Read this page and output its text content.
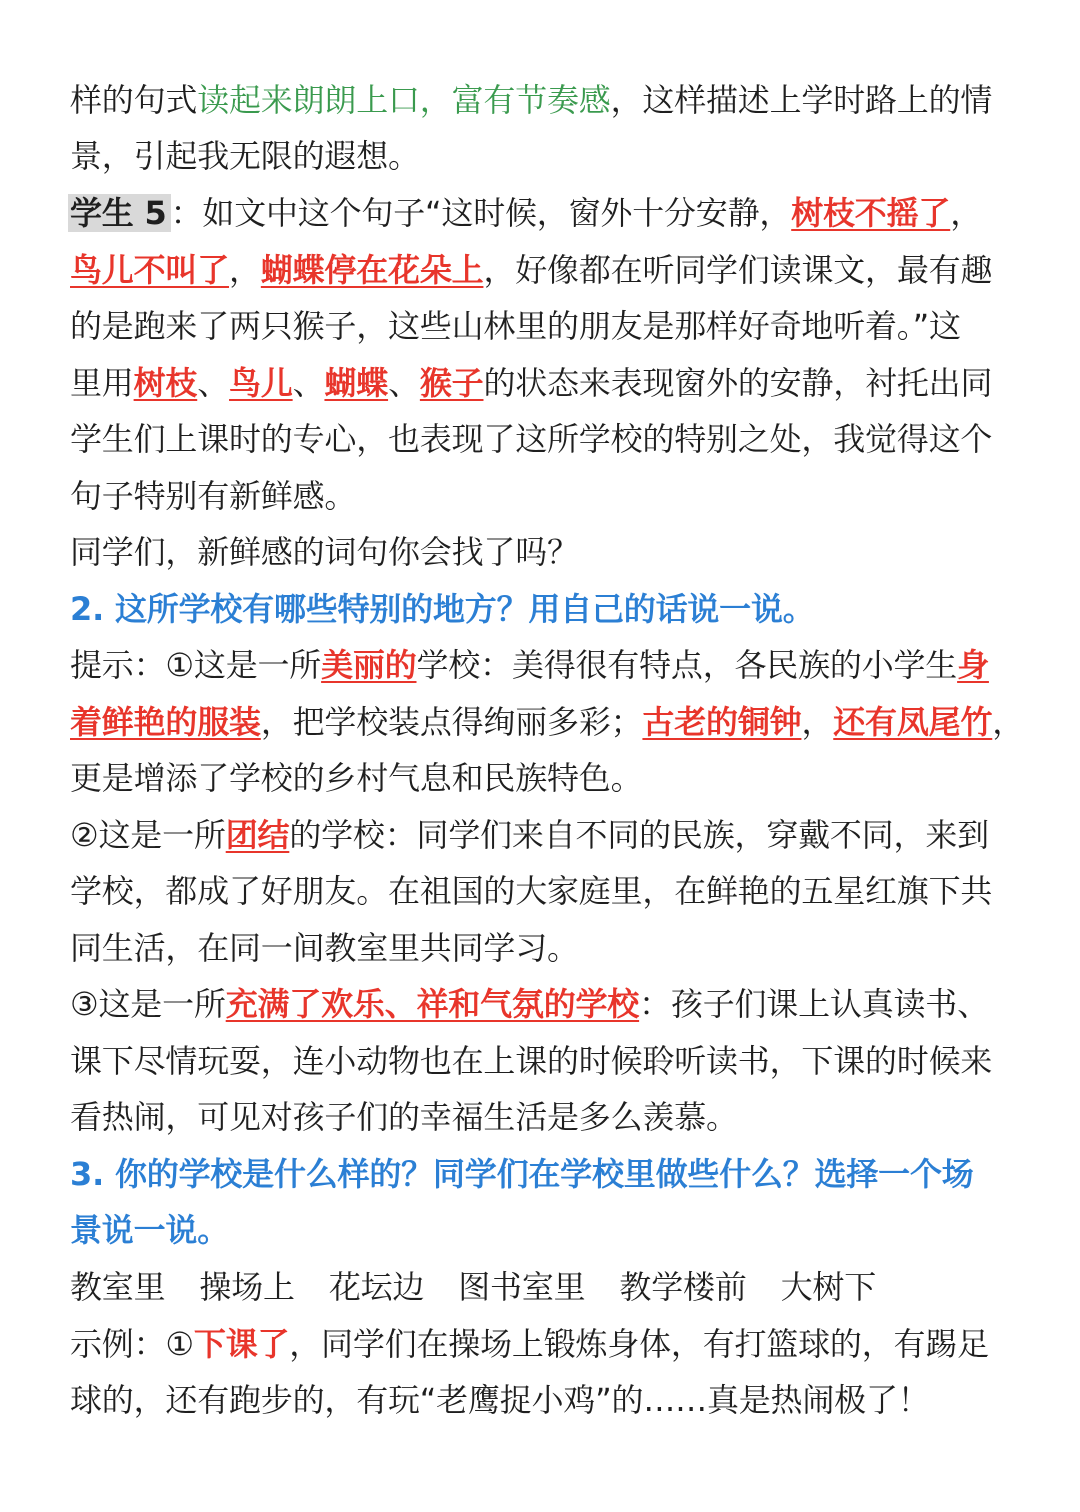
样的句式读起来朗朗上口，富有节奏感，这样描述上学时路上的情
景，引起我无限的遐想。
学生 5 ：如文中这个句子“这时候，窗外十分安静，树枝不摇了，
鸟儿不叫了，蝴蝶停在花朵上，好像都在听同学们读课文，最有趣
的是跑来了两只猴子，这些山林里的朋友是那样好奇地听着。”这
里用树枝、鸟儿、蝴蝶、猴子的状态来表现窗外的安静，衬托出同
学生们上课时的专心，也表现了这所学校的特别之处，我觉得这个
句子特别有新鲜感。
同学们，新鲜感的词句你会找了吗？
2. 这所学校有哪些特别的地方？用自己的话说一说。
提示：①这是一所美丽的学校：美得很有特点，各民族的小学生身
着鲜艳的服装，把学校装点得绚丽多彩；古老的铜钟，还有凤尾竹，
更是增添了学校的乡村气息和民族特色。
②这是一所团结的学校：同学们来自不同的民族，穿戴不同，来到
学校，都成了好朋友。在祖国的大家庭里，在鲜艳的五星红旗下共
同生活，在同一间教室里共同学习。
③这是一所充满了欢乐、祥和气氛的学校：孩子们课上认真读书、
课下尽情玩耍，连小动物也在上课的时候聆听读书，下课的时候来
看热闹，可见对孩子们的幸福生活是多么羡慕。
3. 你的学校是什么样的？同学们在学校里做些什么？选择一个场
景说一说。
教室里 操场上 花坛边 图书室里 教学楼前 大树下
示例：①下课了，同学们在操场上锻炼身体，有打篮球的，有踢足
球的，还有跑步的，有玩“老鹰捉小鸡”的……真是热闹极了！
